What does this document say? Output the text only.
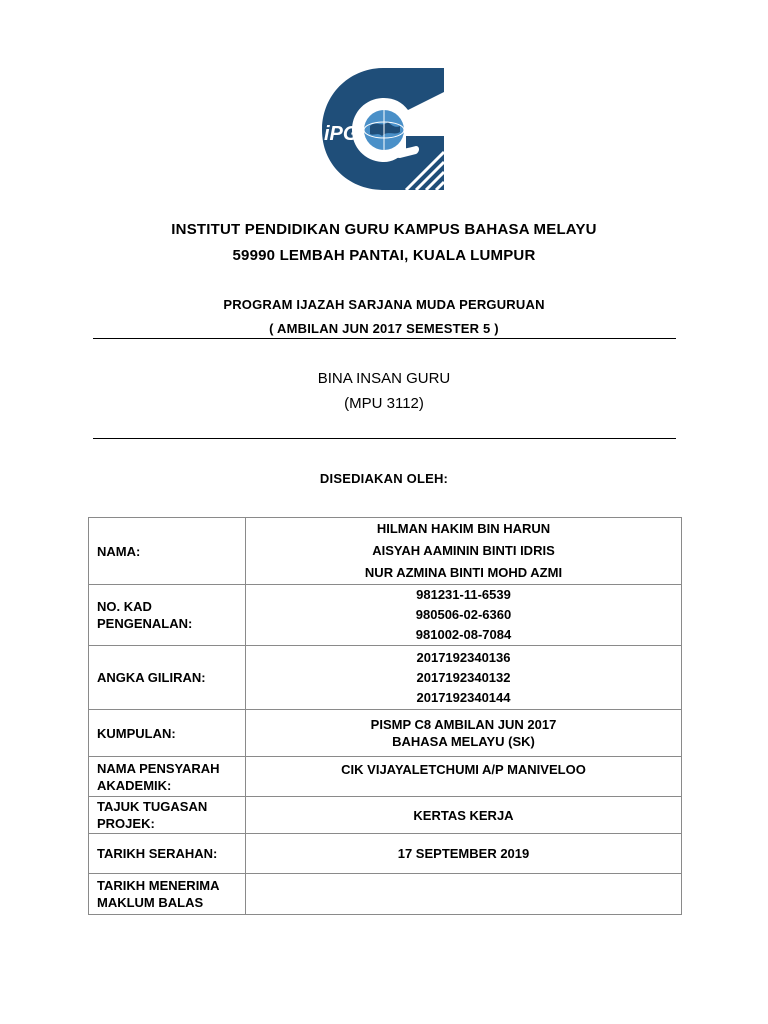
iPG
INSTITUT PENDIDIKAN GURU KAMPUS BAHASA MELAYU
59990 LEMBAH PANTAI, KUALA LUMPUR
PROGRAM IJAZAH SARJANA MUDA PERGURUAN
( AMBILAN JUN 2017 SEMESTER 5 )
BINA INSAN GURU
(MPU 3112)
DISEDIAKAN OLEH:
NAMA:	HILMAN HAKIM BIN HARUN
AISYAH AAMININ BINTI IDRIS
NUR AZMINA BINTI MOHD AZMI

NO. KAD
PENGENALAN:	981231-11-6539
980506-02-6360
981002-08-7084

ANGKA GILIRAN:	2017192340136
2017192340132
2017192340144

KUMPULAN:	PISMP C8 AMBILAN JUN 2017
BAHASA MELAYU (SK)

NAMA PENSYARAH
AKADEMIK:	CIK VIJAYALETCHUMI A/P MANIVELOO

TAJUK TUGASAN
PROJEK:	KERTAS KERJA
TARIKH SERAHAN:	17 SEPTEMBER 2019

TARIKH MENERIMA
MAKLUM BALAS	
